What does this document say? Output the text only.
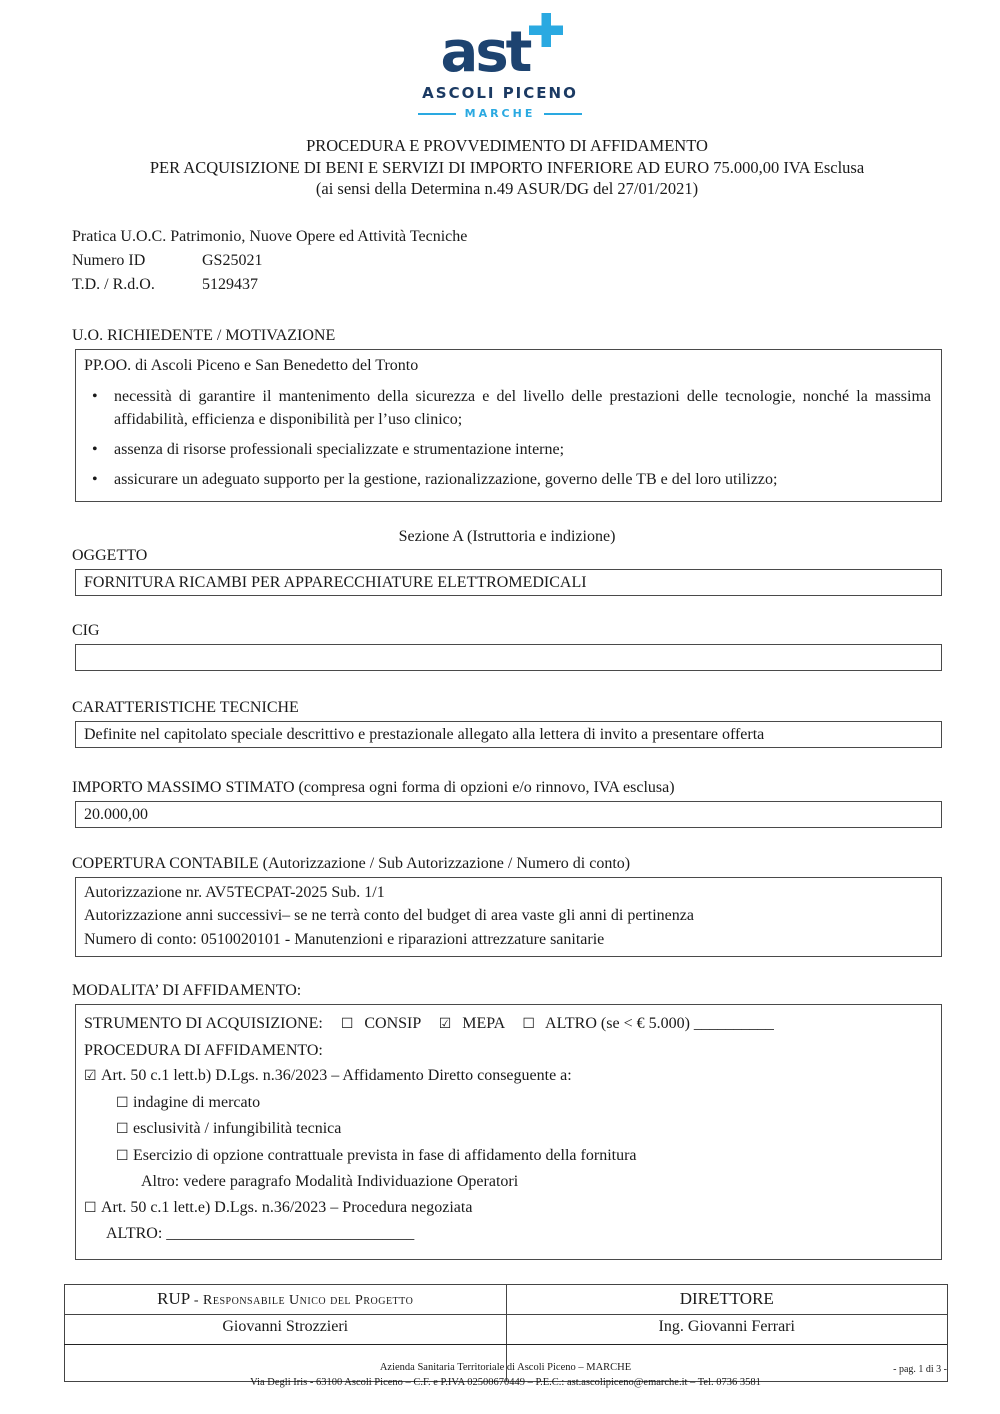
ast
ASCOLI PICENO
MARCHE
PROCEDURA E PROVVEDIMENTO DI AFFIDAMENTO
PER ACQUISIZIONE DI BENI E SERVIZI DI IMPORTO INFERIORE AD EURO 75.000,00 IVA Esclusa
(ai sensi della Determina n.49 ASUR/DG del 27/01/2021)
Pratica U.O.C. Patrimonio, Nuove Opere ed Attività Tecniche
Numero ID	GS25021
T.D. / R.d.O.	5129437
U.O. RICHIEDENTE / MOTIVAZIONE
PP.OO. di Ascoli Piceno e San Benedetto del Tronto
• necessità di garantire il mantenimento della sicurezza e del livello delle prestazioni delle tecnologie, nonché la massima affidabilità, efficienza e disponibilità per l’uso clinico;
• assenza di risorse professionali specializzate e strumentazione interne;
• assicurare un adeguato supporto per la gestione, razionalizzazione, governo delle TB e del loro utilizzo;
Sezione A (Istruttoria e indizione)
OGGETTO
FORNITURA RICAMBI PER APPARECCHIATURE ELETTROMEDICALI
CIG
CARATTERISTICHE TECNICHE
Definite nel capitolato speciale descrittivo e prestazionale allegato alla lettera di invito a presentare offerta
IMPORTO MASSIMO STIMATO (compresa ogni forma di opzioni e/o rinnovo, IVA esclusa)
20.000,00
COPERTURA CONTABILE (Autorizzazione / Sub Autorizzazione / Numero di conto)
Autorizzazione nr. AV5TECPAT-2025 Sub. 1/1
Autorizzazione anni successivi– se ne terrà conto del budget di area vaste gli anni di pertinenza
Numero di conto: 0510020101 - Manutenzioni e riparazioni attrezzature sanitarie
MODALITA’ DI AFFIDAMENTO:
STRUMENTO DI ACQUISIZIONE: ☐ CONSIP ☑ MEPA ☐ ALTRO (se < € 5.000) __________
PROCEDURA DI AFFIDAMENTO:
☑ Art. 50 c.1 lett.b) D.Lgs. n.36/2023 – Affidamento Diretto conseguente a:
☐ indagine di mercato
☐ esclusività / infungibilità tecnica
☐ Esercizio di opzione contrattuale prevista in fase di affidamento della fornitura
Altro: vedere paragrafo Modalità Individuazione Operatori
☐ Art. 50 c.1 lett.e) D.Lgs. n.36/2023 – Procedura negoziata
ALTRO: _______________________________
RUP - Responsabile Unico del Progetto	DIRETTORE
Giovanni Strozzieri	Ing. Giovanni Ferrari
Azienda Sanitaria Territoriale di Ascoli Piceno – MARCHE
Via Degli Iris - 63100 Ascoli Piceno – C.F. e P.IVA 02500670449 – P.E.C.: ast.ascolipiceno@emarche.it – Tel. 0736 3581
- pag. 1 di 3 -
